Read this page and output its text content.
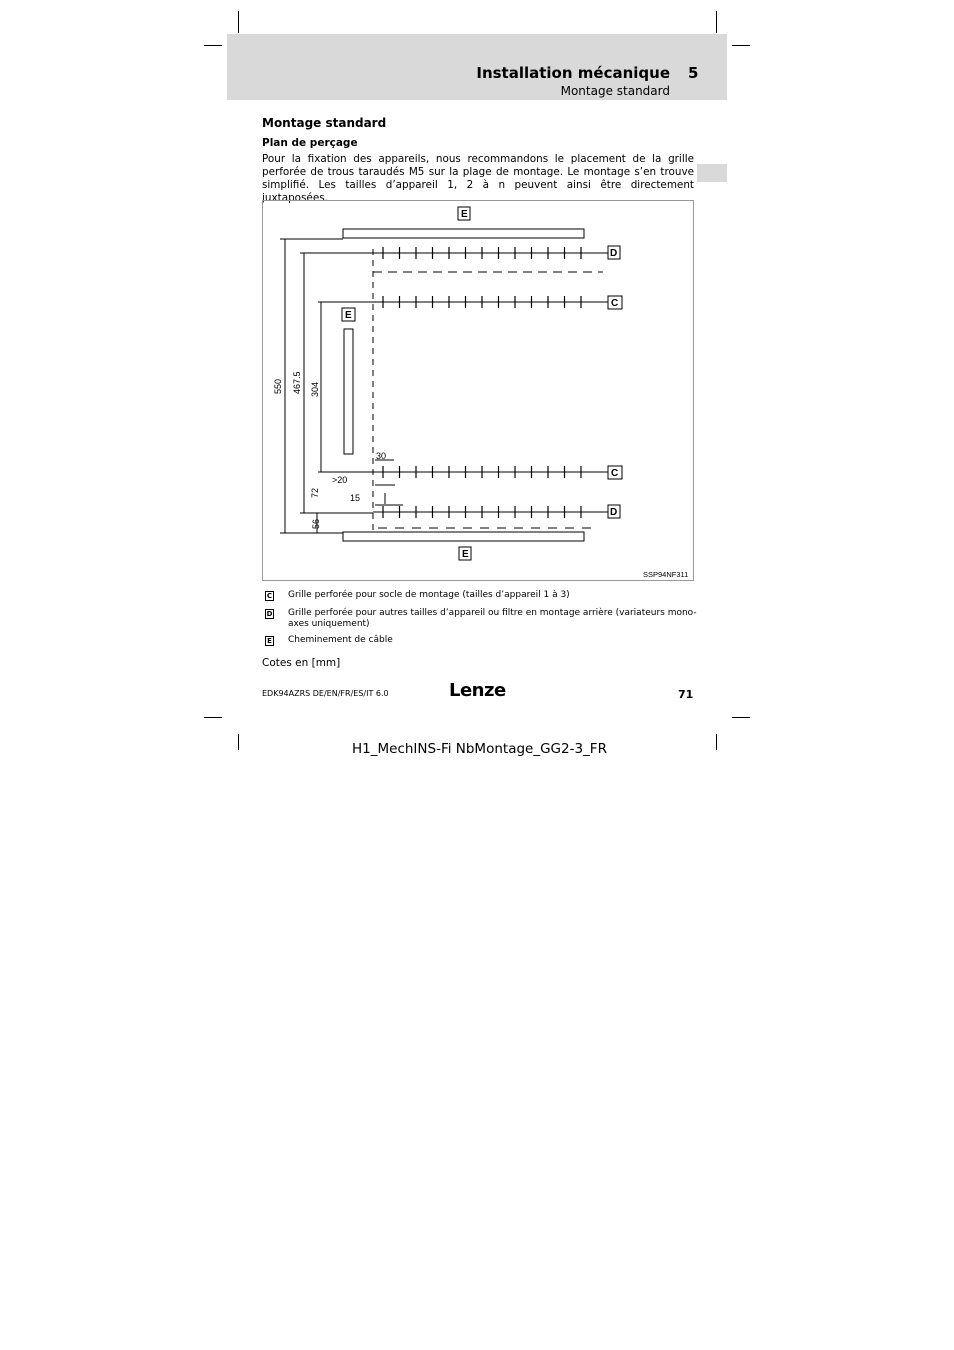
Installation mécanique 5
Montage standard
Montage standard
Plan de perçage
Pour la fixation des appareils, nous recommandons le placement de la grille perforée de trous taraudés M5 sur la plage de montage. Le montage s’en trouve simplifié. Les tailles d’appareil 1, 2 à n peuvent ainsi être directement juxtaposées.
E
D
C
E
C
D
E
550 467.5 304
72
56
30
>20
15
SSP94NF311
C Grille perforée pour socle de montage (tailles d’appareil 1 à 3)
D Grille perforée pour autres tailles d’appareil ou filtre en montage arrière (variateurs mono-axes uniquement)
E Cheminement de câble
Cotes en [mm]
EDK94AZRS DE/EN/FR/ES/IT 6.0	Lenze	71
H1_MechINS-Fi NbMontage_GG2-3_FR
